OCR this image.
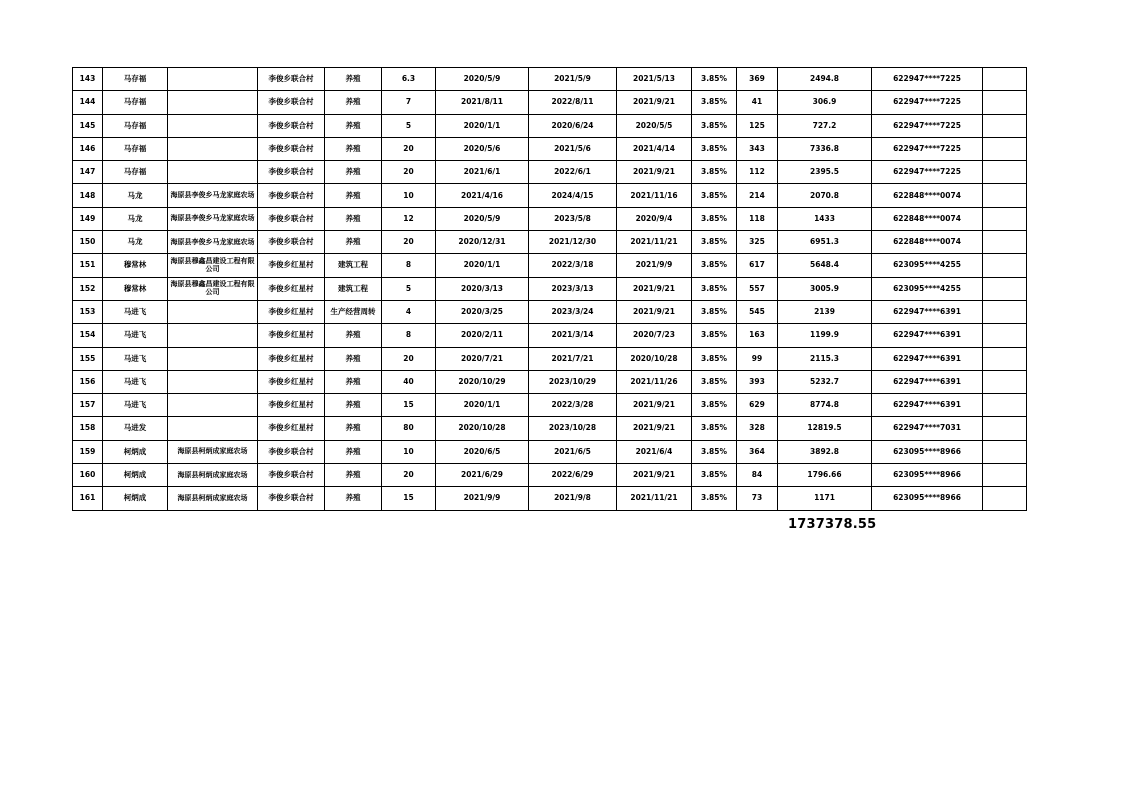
143	马存福		李俊乡联合村	养殖	6.3	2020/5/9	2021/5/9	2021/5/13	3.85%	369	2494.8	622947****7225	
144	马存福		李俊乡联合村	养殖	7	2021/8/11	2022/8/11	2021/9/21	3.85%	41	306.9	622947****7225	
145	马存福		李俊乡联合村	养殖	5	2020/1/1	2020/6/24	2020/5/5	3.85%	125	727.2	622947****7225	
146	马存福		李俊乡联合村	养殖	20	2020/5/6	2021/5/6	2021/4/14	3.85%	343	7336.8	622947****7225	
147	马存福		李俊乡联合村	养殖	20	2021/6/1	2022/6/1	2021/9/21	3.85%	112	2395.5	622947****7225	
148	马龙	海原县李俊乡马龙家庭农场	李俊乡联合村	养殖	10	2021/4/16	2024/4/15	2021/11/16	3.85%	214	2070.8	622848****0074	
149	马龙	海原县李俊乡马龙家庭农场	李俊乡联合村	养殖	12	2020/5/9	2023/5/8	2020/9/4	3.85%	118	1433	622848****0074	
150	马龙	海原县李俊乡马龙家庭农场	李俊乡联合村	养殖	20	2020/12/31	2021/12/30	2021/11/21	3.85%	325	6951.3	622848****0074	
151	穆常林	海原县穆鑫昌建设工程有限公司	李俊乡红星村	建筑工程	8	2020/1/1	2022/3/18	2021/9/9	3.85%	617	5648.4	623095****4255	
152	穆常林	海原县穆鑫昌建设工程有限公司	李俊乡红星村	建筑工程	5	2020/3/13	2023/3/13	2021/9/21	3.85%	557	3005.9	623095****4255	
153	马进飞		李俊乡红星村	生产经营周转	4	2020/3/25	2023/3/24	2021/9/21	3.85%	545	2139	622947****6391	
154	马进飞		李俊乡红星村	养殖	8	2020/2/11	2021/3/14	2020/7/23	3.85%	163	1199.9	622947****6391	
155	马进飞		李俊乡红星村	养殖	20	2020/7/21	2021/7/21	2020/10/28	3.85%	99	2115.3	622947****6391	
156	马进飞		李俊乡红星村	养殖	40	2020/10/29	2023/10/29	2021/11/26	3.85%	393	5232.7	622947****6391	
157	马进飞		李俊乡红星村	养殖	15	2020/1/1	2022/3/28	2021/9/21	3.85%	629	8774.8	622947****6391	
158	马进发		李俊乡红星村	养殖	80	2020/10/28	2023/10/28	2021/9/21	3.85%	328	12819.5	622947****7031	
159	柯炳成	海原县柯炳成家庭农场	李俊乡联合村	养殖	10	2020/6/5	2021/6/5	2021/6/4	3.85%	364	3892.8	623095****8966	
160	柯炳成	海原县柯炳成家庭农场	李俊乡联合村	养殖	20	2021/6/29	2022/6/29	2021/9/21	3.85%	84	1796.66	623095****8966	
161	柯炳成	海原县柯炳成家庭农场	李俊乡联合村	养殖	15	2021/9/9	2021/9/8	2021/11/21	3.85%	73	1171	623095****8966	
1737378.55
